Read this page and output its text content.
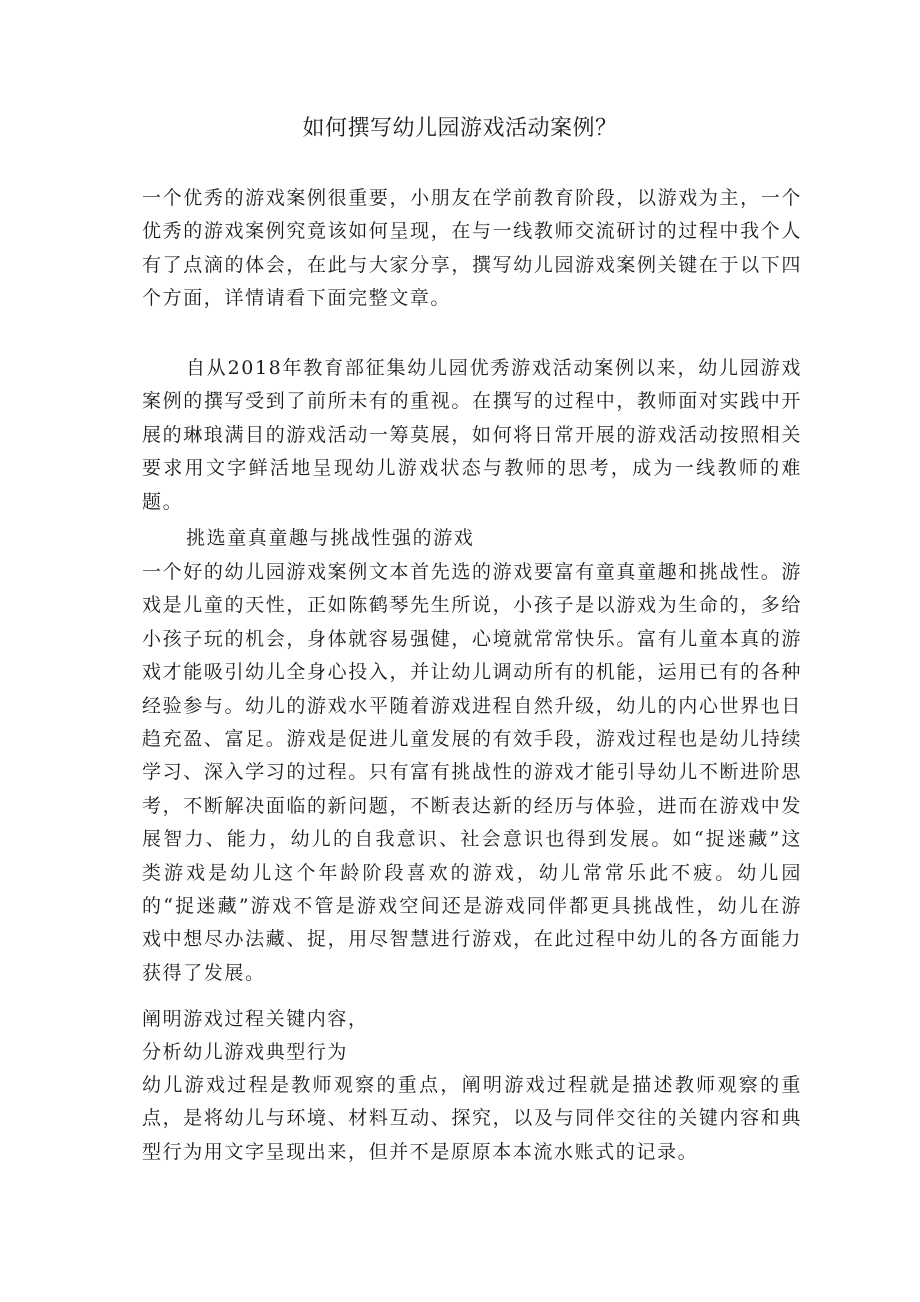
如何撰写幼儿园游戏活动案例？
一个优秀的游戏案例很重要，小朋友在学前教育阶段，以游戏为主，一个优秀的游戏案例究竟该如何呈现，在与一线教师交流研讨的过程中我个人有了点滴的体会，在此与大家分享，撰写幼儿园游戏案例关键在于以下四个方面，详情请看下面完整文章。
自从2018年教育部征集幼儿园优秀游戏活动案例以来，幼儿园游戏案例的撰写受到了前所未有的重视。在撰写的过程中，教师面对实践中开展的琳琅满目的游戏活动一筹莫展，如何将日常开展的游戏活动按照相关要求用文字鲜活地呈现幼儿游戏状态与教师的思考，成为一线教师的难题。
挑选童真童趣与挑战性强的游戏
一个好的幼儿园游戏案例文本首先选的游戏要富有童真童趣和挑战性。游戏是儿童的天性，正如陈鹤琴先生所说，小孩子是以游戏为生命的，多给小孩子玩的机会，身体就容易强健，心境就常常快乐。富有儿童本真的游戏才能吸引幼儿全身心投入，并让幼儿调动所有的机能，运用已有的各种经验参与。幼儿的游戏水平随着游戏进程自然升级，幼儿的内心世界也日趋充盈、富足。游戏是促进儿童发展的有效手段，游戏过程也是幼儿持续学习、深入学习的过程。只有富有挑战性的游戏才能引导幼儿不断进阶思考，不断解决面临的新问题，不断表达新的经历与体验，进而在游戏中发展智力、能力，幼儿的自我意识、社会意识也得到发展。如“捉迷藏”这类游戏是幼儿这个年龄阶段喜欢的游戏，幼儿常常乐此不疲。幼儿园的“捉迷藏”游戏不管是游戏空间还是游戏同伴都更具挑战性，幼儿在游戏中想尽办法藏、捉，用尽智慧进行游戏，在此过程中幼儿的各方面能力获得了发展。
阐明游戏过程关键内容，
分析幼儿游戏典型行为
幼儿游戏过程是教师观察的重点，阐明游戏过程就是描述教师观察的重点，是将幼儿与环境、材料互动、探究，以及与同伴交往的关键内容和典型行为用文字呈现出来，但并不是原原本本流水账式的记录。
